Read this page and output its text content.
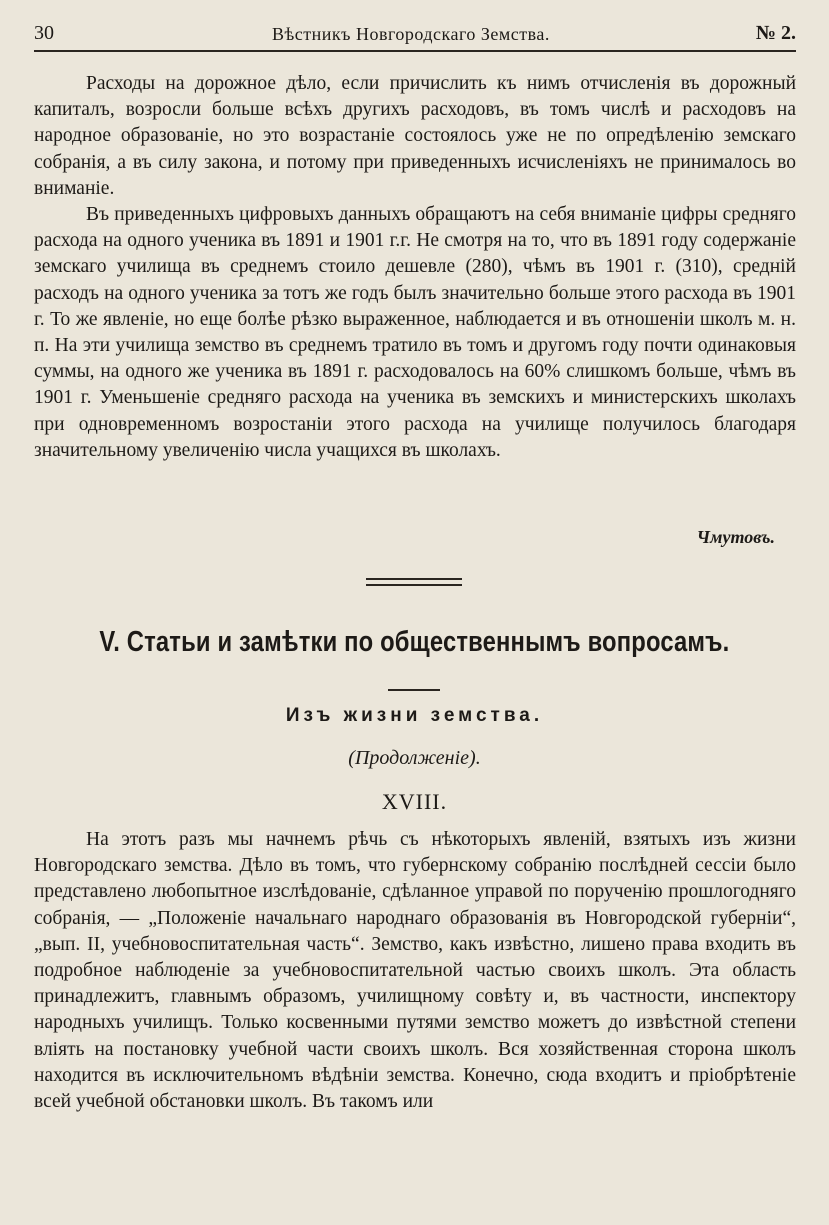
30	Вѣстникъ Новгородскаго Земства.	№ 2.

Расходы на дорожное дѣло, если причислить къ нимъ отчисленія въ дорожный капиталъ, возросли больше всѣхъ другихъ расходовъ, въ томъ числѣ и расходовъ на народное образованіе, но это возрастаніе состоялось уже не по опредѣленію земскаго собранія, а въ силу закона, и потому при приведенныхъ исчисленіяхъ не принималось во вниманіе.

Въ приведенныхъ цифровыхъ данныхъ обращаютъ на себя вниманіе цифры средняго расхода на одного ученика въ 1891 и 1901 г.г. Не смотря на то, что въ 1891 году содержаніе земскаго училища въ среднемъ стоило дешевле (280), чѣмъ въ 1901 г. (310), средній расходъ на одного ученика за тотъ же годъ былъ значительно больше этого расхода въ 1901 г. То же явленіе, но еще болѣе рѣзко выраженное, наблюдается и въ отношеніи школъ м. н. п. На эти училища земство въ среднемъ тратило въ томъ и другомъ году почти одинаковыя суммы, на одного же ученика въ 1891 г. расходовалось на 60% слишкомъ больше, чѣмъ въ 1901 г. Уменьшеніе средняго расхода на ученика въ земскихъ и министерскихъ школахъ при одновременномъ возростаніи этого расхода на училище получилось благодаря значительному увеличенію числа учащихся въ школахъ.

Чмутовъ.
V. Статьи и замѣтки по общественнымъ вопросамъ.
Изъ жизни земства.
(Продолженіе).
XVIII.

На этотъ разъ мы начнемъ рѣчь съ нѣкоторыхъ явленій, взятыхъ изъ жизни Новгородскаго земства. Дѣло въ томъ, что губернскому собранію послѣдней сессіи было представлено любопытное изслѣдованіе, сдѣланное управой по порученію прошлогодняго собранія, — „Положеніе начальнаго народнаго образованія въ Новгородской губерніи“, „вып. II, учебновоспитательная часть“. Земство, какъ извѣстно, лишено права входить въ подробное наблюденіе за учебновоспитательной частью своихъ школъ. Эта область принадлежитъ, главнымъ образомъ, училищному совѣту и, въ частности, инспектору народныхъ училищъ. Только косвенными путями земство можетъ до извѣстной степени вліять на постановку учебной части своихъ школъ. Вся хозяйственная сторона школъ находится въ исключительномъ вѣдѣніи земства. Конечно, сюда входитъ и пріобрѣтеніе всей учебной обстановки школъ. Въ такомъ или
